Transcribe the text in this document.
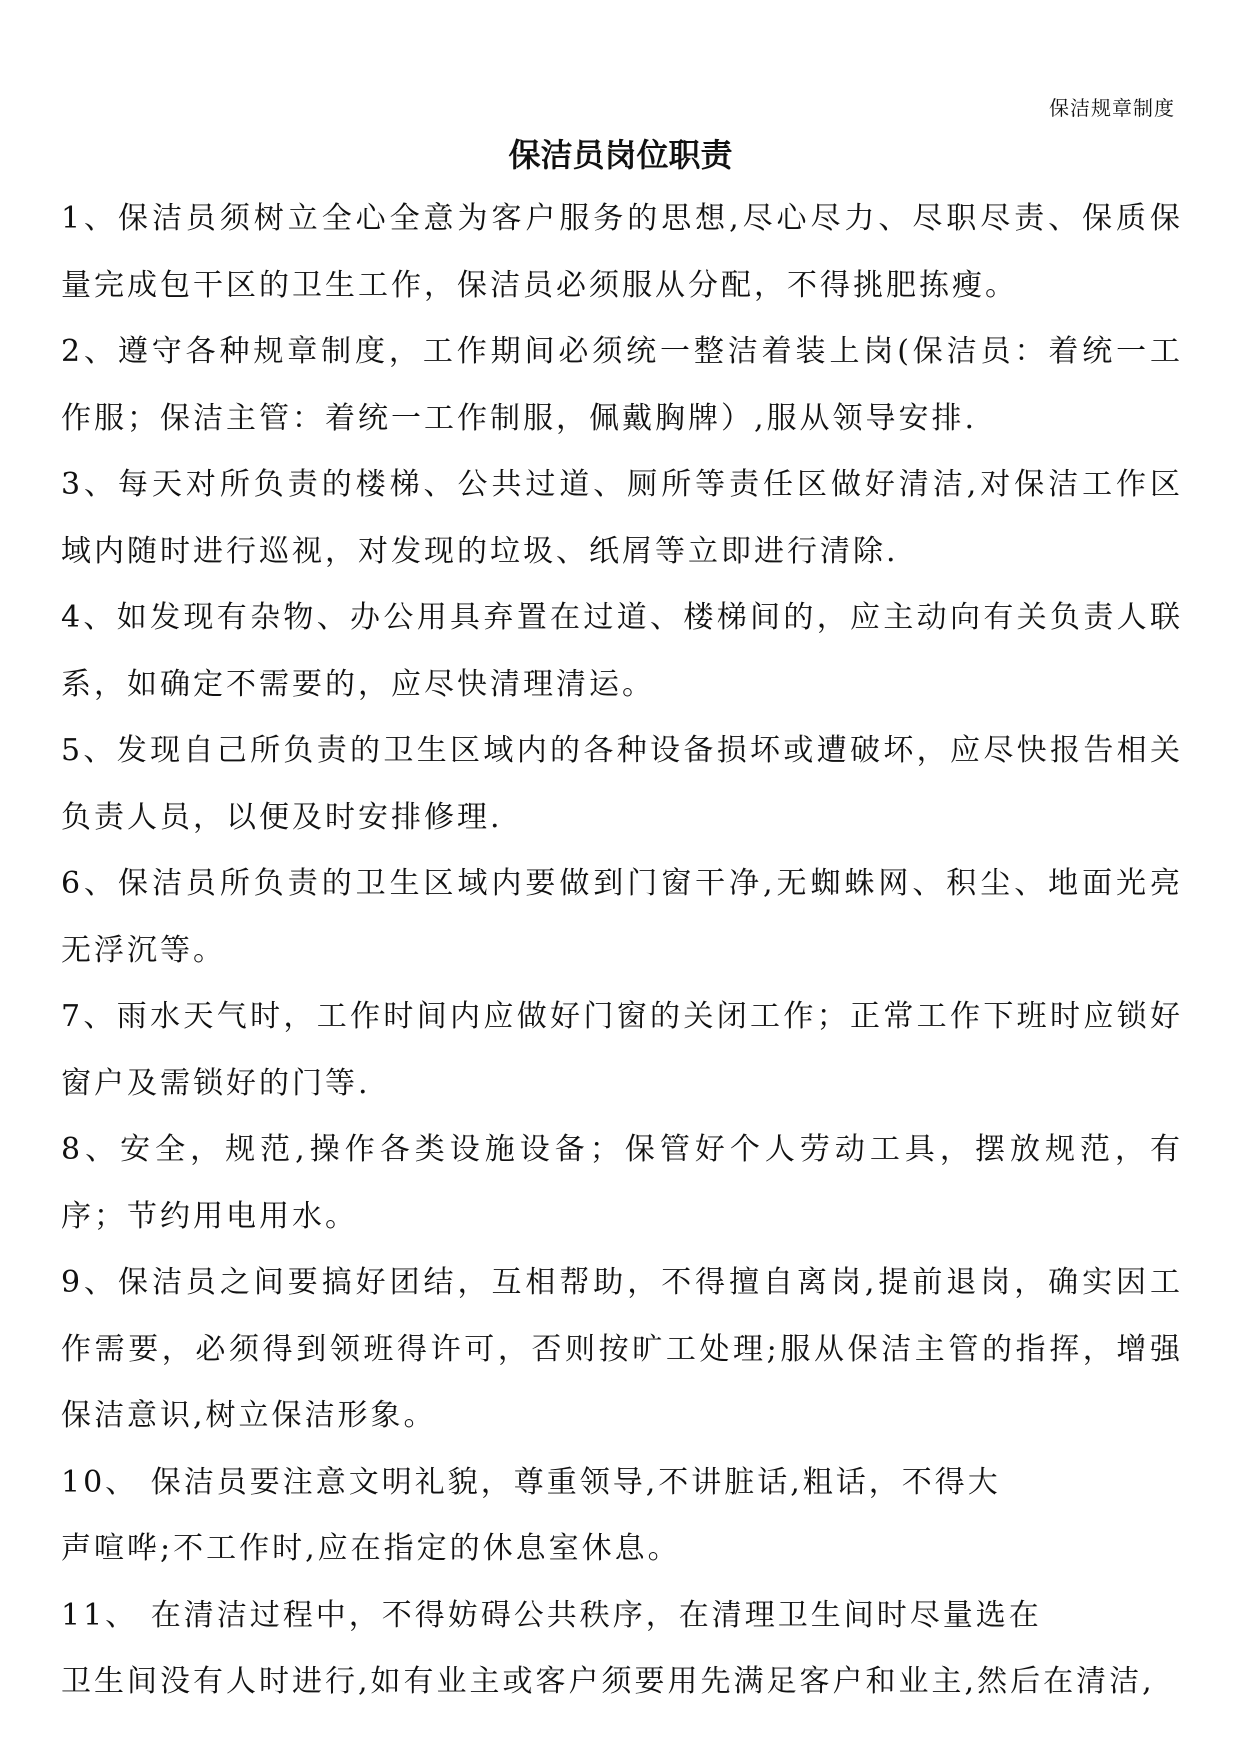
保洁规章制度
保洁员岗位职责

1、保洁员须树立全心全意为客户服务的思想,尽心尽力、尽职尽责、保质保量完成包干区的卫生工作，保洁员必须服从分配，不得挑肥拣瘦。

2、遵守各种规章制度，工作期间必须统一整洁着装上岗(保洁员：着统一工作服；保洁主管：着统一工作制服，佩戴胸牌）,服从领导安排.

3、每天对所负责的楼梯、公共过道、厕所等责任区做好清洁,对保洁工作区域内随时进行巡视，对发现的垃圾、纸屑等立即进行清除.

4、如发现有杂物、办公用具弃置在过道、楼梯间的，应主动向有关负责人联系，如确定不需要的，应尽快清理清运。

5、发现自己所负责的卫生区域内的各种设备损坏或遭破坏，应尽快报告相关负责人员，以便及时安排修理.

6、保洁员所负责的卫生区域内要做到门窗干净,无蜘蛛网、积尘、地面光亮无浮沉等。

7、雨水天气时，工作时间内应做好门窗的关闭工作；正常工作下班时应锁好窗户及需锁好的门等.

8、安全，规范,操作各类设施设备；保管好个人劳动工具，摆放规范，有序；节约用电用水。

9、保洁员之间要搞好团结，互相帮助，不得擅自离岗,提前退岗，确实因工作需要，必须得到领班得许可，否则按旷工处理;服从保洁主管的指挥，增强保洁意识,树立保洁形象。

10、 保洁员要注意文明礼貌，尊重领导,不讲脏话,粗话，不得大
声喧哗;不工作时,应在指定的休息室休息。

11、 在清洁过程中，不得妨碍公共秩序，在清理卫生间时尽量选在
卫生间没有人时进行,如有业主或客户须要用先满足客户和业主,然后在清洁,
